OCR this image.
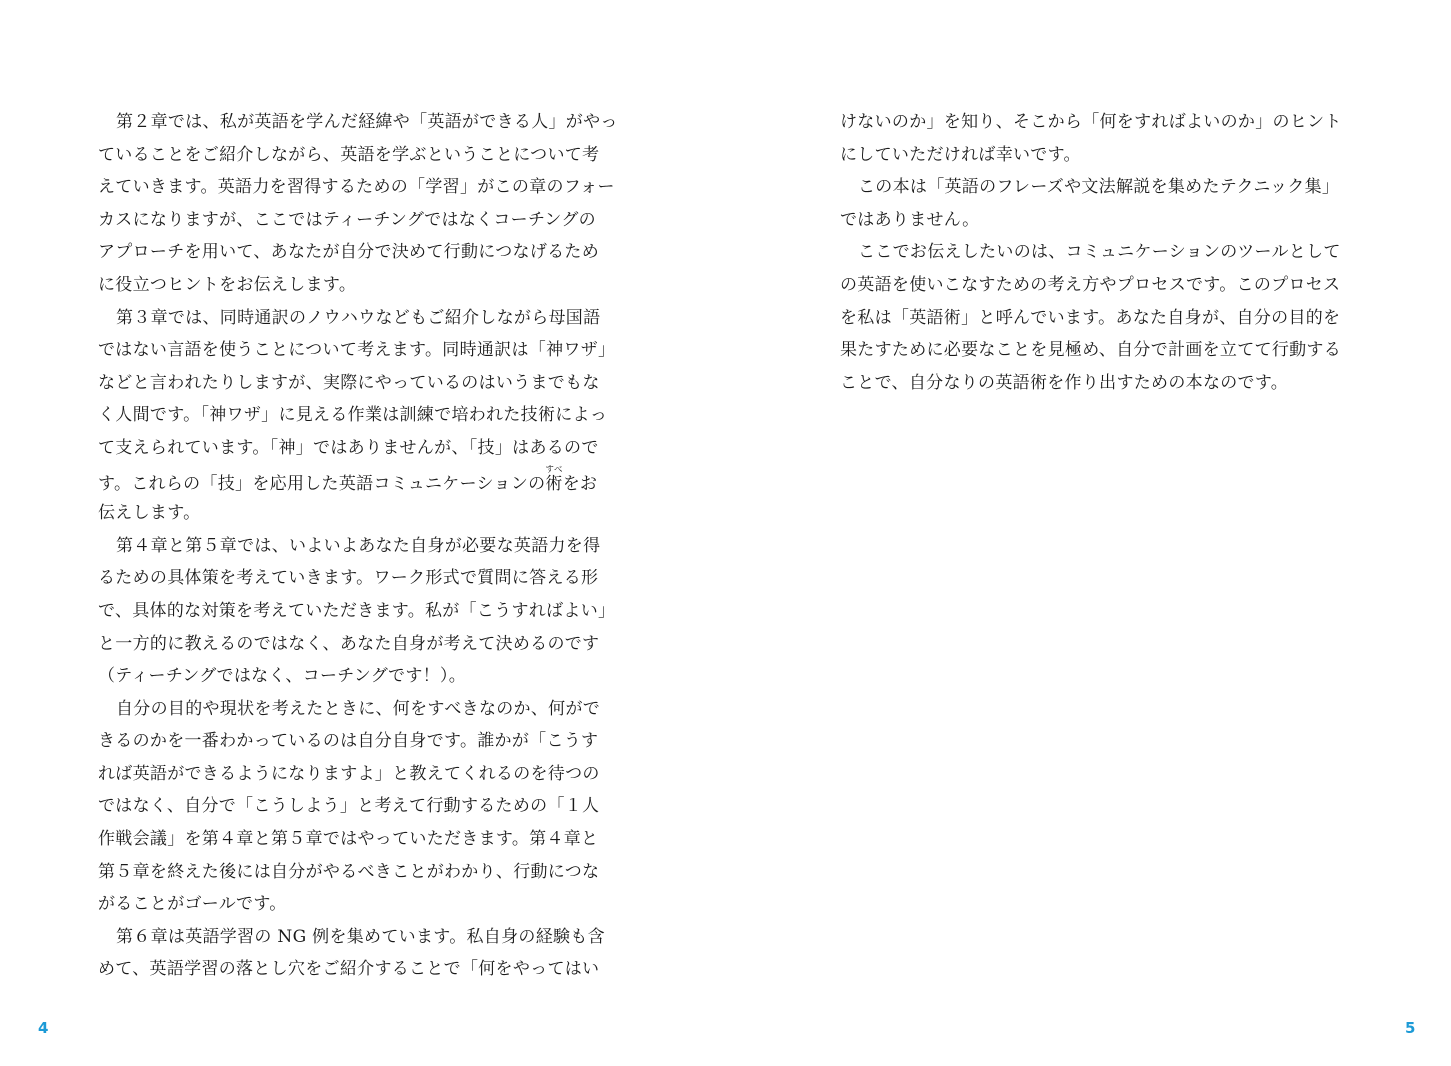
第２章では、私が英語を学んだ経緯や「英語ができる人」がやっ
ていることをご紹介しながら、英語を学ぶということについて考
えていきます。英語力を習得するための「学習」がこの章のフォー
カスになりますが、ここではティーチングではなくコーチングの
アプローチを用いて、あなたが自分で決めて行動につなげるため
に役立つヒントをお伝えします。
第３章では、同時通訳のノウハウなどもご紹介しながら母国語
ではない言語を使うことについて考えます。同時通訳は「神ワザ」
などと言われたりしますが、実際にやっているのはいうまでもな
く人間です。「神ワザ」に見える作業は訓練で培われた技術によっ
て支えられています。「神」ではありませんが、「技」はあるので
す。これらの「技」を応用した英語コミュニケーションの術すべをお
伝えします。
第４章と第５章では、いよいよあなた自身が必要な英語力を得
るための具体策を考えていきます。ワーク形式で質問に答える形
で、具体的な対策を考えていただきます。私が「こうすればよい」
と一方的に教えるのではなく、あなた自身が考えて決めるのです
（ティーチングではなく、コーチングです！）。
自分の目的や現状を考えたときに、何をすべきなのか、何がで
きるのかを一番わかっているのは自分自身です。誰かが「こうす
れば英語ができるようになりますよ」と教えてくれるのを待つの
ではなく、自分で「こうしよう」と考えて行動するための「１人
作戦会議」を第４章と第５章ではやっていただきます。第４章と
第５章を終えた後には自分がやるべきことがわかり、行動につな
がることがゴールです。
第６章は英語学習の NG 例を集めています。私自身の経験も含
めて、英語学習の落とし穴をご紹介することで「何をやってはい
4
けないのか」を知り、そこから「何をすればよいのか」のヒント
にしていただければ幸いです。
この本は「英語のフレーズや文法解説を集めたテクニック集」
ではありません。
ここでお伝えしたいのは、コミュニケーションのツールとして
の英語を使いこなすための考え方やプロセスです。このプロセス
を私は「英語術」と呼んでいます。あなた自身が、自分の目的を
果たすために必要なことを見極め、自分で計画を立てて行動する
ことで、自分なりの英語術を作り出すための本なのです。
5
